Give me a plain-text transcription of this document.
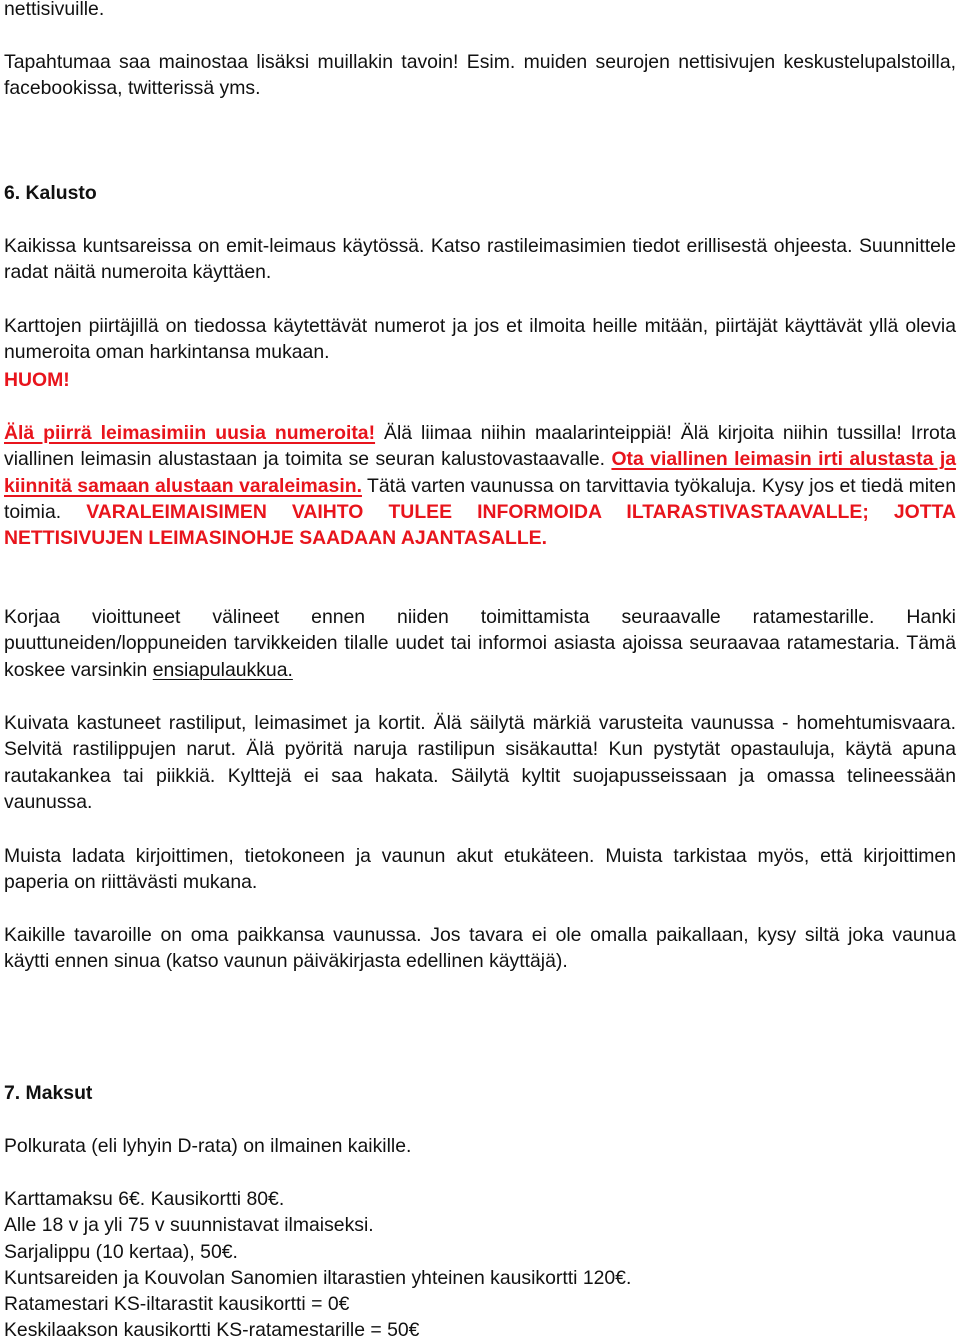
nettisivuille.

Tapahtumaa saa mainostaa lisäksi muillakin tavoin! Esim. muiden seurojen nettisivujen keskustelupalstoilla, facebookissa, twitterissä yms.

6. Kalusto

Kaikissa kuntsareissa on emit-leimaus käytössä. Katso rastileimasimien tiedot erillisestä ohjeesta. Suunnittele radat näitä numeroita käyttäen.

Karttojen piirtäjillä on tiedossa käytettävät numerot ja jos et ilmoita heille mitään, piirtäjät käyttävät yllä olevia numeroita oman harkintansa mukaan.

HUOM!

Älä piirrä leimasimiin uusia numeroita! Älä liimaa niihin maalarinteippiä! Älä kirjoita niihin tussilla! Irrota viallinen leimasin alustastaan ja toimita se seuran kalustovastaavalle. Ota viallinen leimasin irti alustasta ja kiinnitä samaan alustaan varaleimasin. Tätä varten vaunussa on tarvittavia työkaluja. Kysy jos et tiedä miten toimia. VARALEIMAISIMEN VAIHTO TULEE INFORMOIDA ILTARASTIVASTAAVALLE; JOTTA NETTISIVUJEN LEIMASINOHJE SAADAAN AJANTASALLE.

Korjaa vioittuneet välineet ennen niiden toimittamista seuraavalle ratamestarille. Hanki puuttuneiden/loppuneiden tarvikkeiden tilalle uudet tai informoi asiasta ajoissa seuraavaa ratamestaria. Tämä koskee varsinkin ensiapulaukkua.

Kuivata kastuneet rastiliput, leimasimet ja kortit. Älä säilytä märkiä varusteita vaunussa - homehtumisvaara. Selvitä rastilippujen narut. Älä pyöritä naruja rastilipun sisäkautta! Kun pystytät opastauluja, käytä apuna rautakankea tai piikkiä. Kylttejä ei saa hakata. Säilytä kyltit suojapusseissaan ja omassa telineessään vaunussa.

Muista ladata kirjoittimen, tietokoneen ja vaunun akut etukäteen. Muista tarkistaa myös, että kirjoittimen paperia on riittävästi mukana.

Kaikille tavaroille on oma paikkansa vaunussa. Jos tavara ei ole omalla paikallaan, kysy siltä joka vaunua käytti ennen sinua (katso vaunun päiväkirjasta edellinen käyttäjä).

7. Maksut

Polkurata (eli lyhyin D-rata) on ilmainen kaikille.

Karttamaksu 6€. Kausikortti 80€.
Alle 18 v ja yli 75 v suunnistavat ilmaiseksi.
Sarjalippu (10 kertaa), 50€.
Kuntsareiden ja Kouvolan Sanomien iltarastien yhteinen kausikortti 120€.
Ratamestari KS-iltarastit kausikortti = 0€
Keskilaakson kausikortti KS-ratamestarille = 50€
